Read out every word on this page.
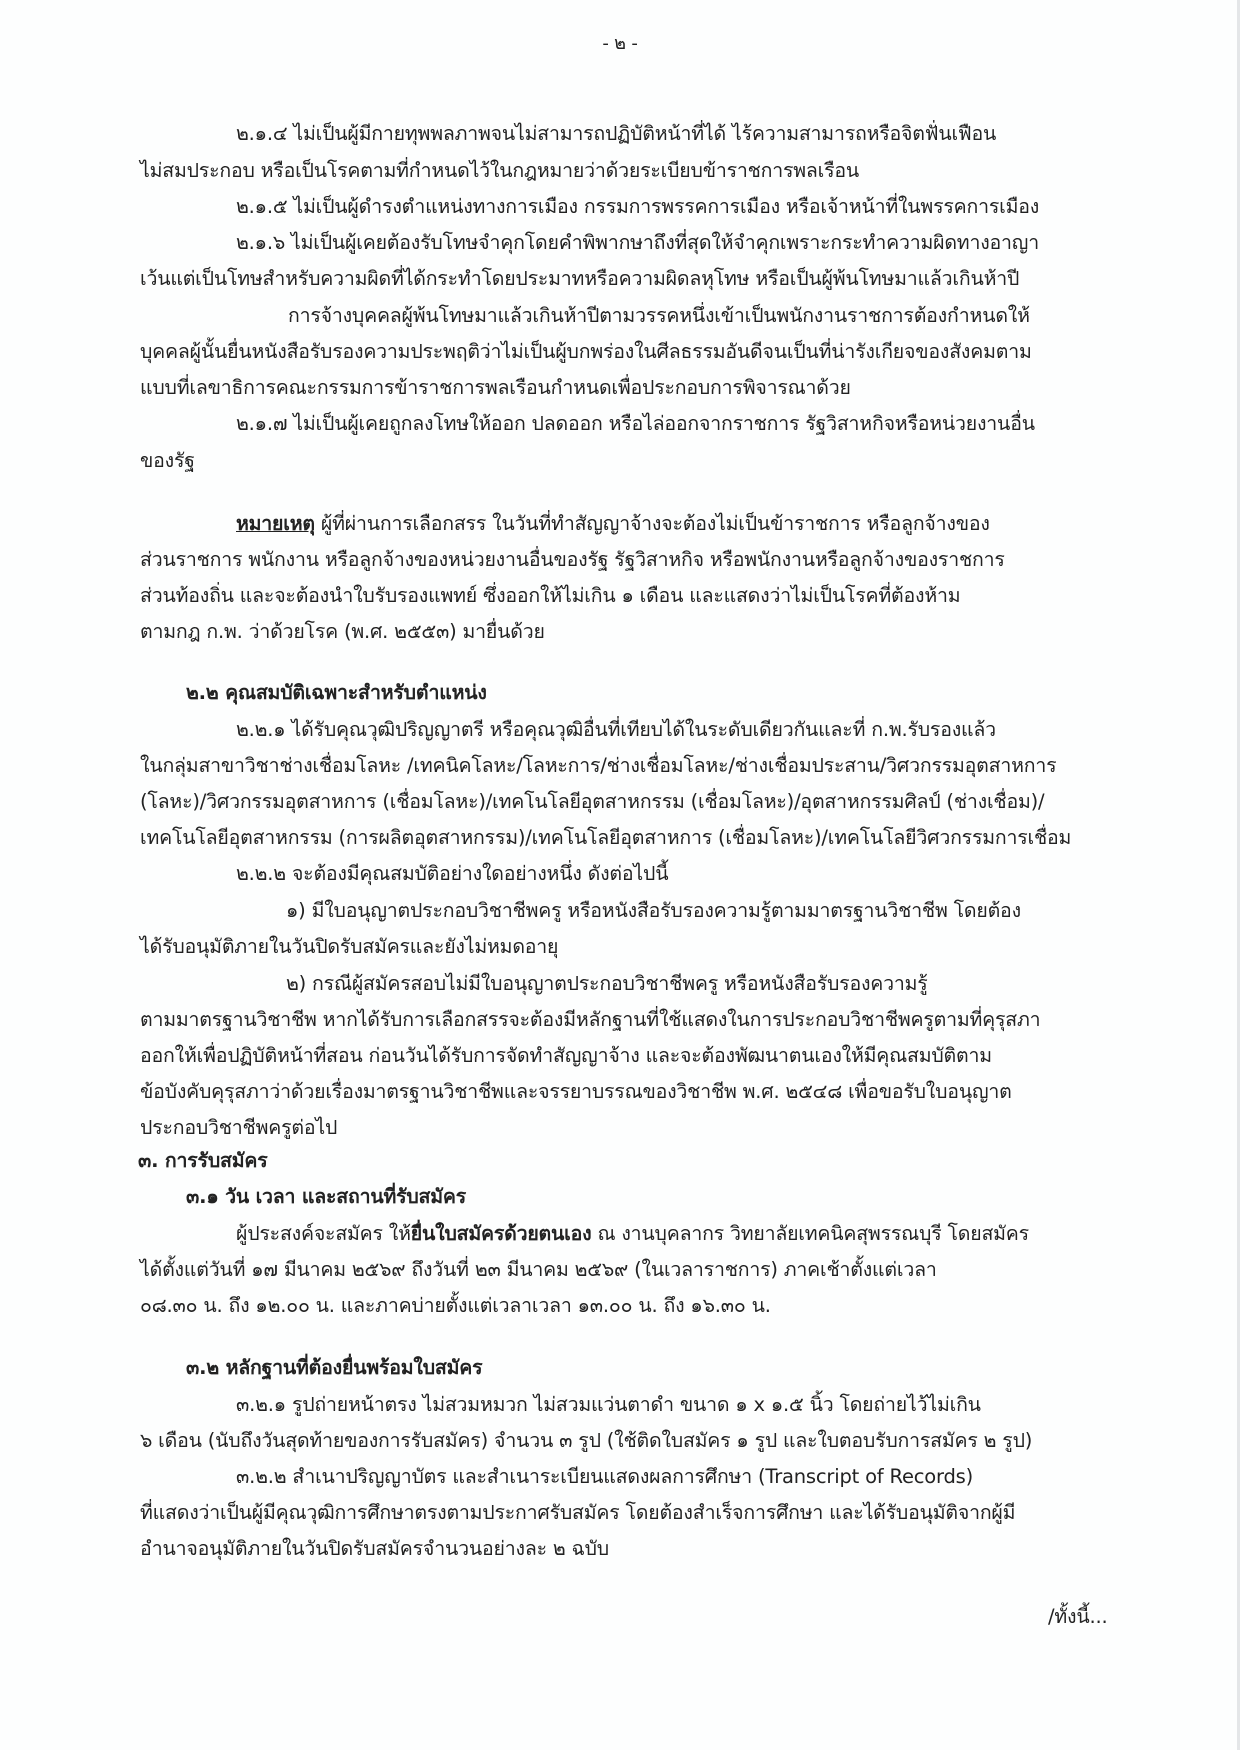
- ๒ -
๒.๑.๔ ไม่เป็นผู้มีกายทุพพลภาพจนไม่สามารถปฏิบัติหน้าที่ได้ ไร้ความสามารถหรือจิตฟั่นเฟือน
ไม่สมประกอบ หรือเป็นโรคตามที่กำหนดไว้ในกฎหมายว่าด้วยระเบียบข้าราชการพลเรือน
๒.๑.๕ ไม่เป็นผู้ดำรงตำแหน่งทางการเมือง กรรมการพรรคการเมือง หรือเจ้าหน้าที่ในพรรคการเมือง
๒.๑.๖ ไม่เป็นผู้เคยต้องรับโทษจำคุกโดยคำพิพากษาถึงที่สุดให้จำคุกเพราะกระทำความผิดทางอาญา
เว้นแต่เป็นโทษสำหรับความผิดที่ได้กระทำโดยประมาทหรือความผิดลหุโทษ หรือเป็นผู้พ้นโทษมาแล้วเกินห้าปี
การจ้างบุคคลผู้พ้นโทษมาแล้วเกินห้าปีตามวรรคหนึ่งเข้าเป็นพนักงานราชการต้องกำหนดให้
บุคคลผู้นั้นยื่นหนังสือรับรองความประพฤติว่าไม่เป็นผู้บกพร่องในศีลธรรมอันดีจนเป็นที่น่ารังเกียจของสังคมตาม
แบบที่เลขาธิการคณะกรรมการข้าราชการพลเรือนกำหนดเพื่อประกอบการพิจารณาด้วย
๒.๑.๗ ไม่เป็นผู้เคยถูกลงโทษให้ออก ปลดออก หรือไล่ออกจากราชการ รัฐวิสาหกิจหรือหน่วยงานอื่น
ของรัฐ
หมายเหตุ ผู้ที่ผ่านการเลือกสรร ในวันที่ทำสัญญาจ้างจะต้องไม่เป็นข้าราชการ หรือลูกจ้างของ
ส่วนราชการ พนักงาน หรือลูกจ้างของหน่วยงานอื่นของรัฐ รัฐวิสาหกิจ หรือพนักงานหรือลูกจ้างของราชการ
ส่วนท้องถิ่น และจะต้องนำใบรับรองแพทย์ ซึ่งออกให้ไม่เกิน ๑ เดือน และแสดงว่าไม่เป็นโรคที่ต้องห้าม
ตามกฎ ก.พ. ว่าด้วยโรค (พ.ศ. ๒๕๕๓) มายื่นด้วย
๒.๒ คุณสมบัติเฉพาะสำหรับตำแหน่ง
๒.๒.๑ ได้รับคุณวุฒิปริญญาตรี หรือคุณวุฒิอื่นที่เทียบได้ในระดับเดียวกันและที่ ก.พ.รับรองแล้ว
ในกลุ่มสาขาวิชาช่างเชื่อมโลหะ /เทคนิคโลหะ/โลหะการ/ช่างเชื่อมโลหะ/ช่างเชื่อมประสาน/วิศวกรรมอุตสาหการ
(โลหะ)/วิศวกรรมอุตสาหการ (เชื่อมโลหะ)/เทคโนโลยีอุตสาหกรรม (เชื่อมโลหะ)/อุตสาหกรรมศิลป์ (ช่างเชื่อม)/
เทคโนโลยีอุตสาหกรรม (การผลิตอุตสาหกรรม)/เทคโนโลยีอุตสาหการ (เชื่อมโลหะ)/เทคโนโลยีวิศวกรรมการเชื่อม
๒.๒.๒ จะต้องมีคุณสมบัติอย่างใดอย่างหนึ่ง ดังต่อไปนี้
๑) มีใบอนุญาตประกอบวิชาชีพครู หรือหนังสือรับรองความรู้ตามมาตรฐานวิชาชีพ โดยต้อง
ได้รับอนุมัติภายในวันปิดรับสมัครและยังไม่หมดอายุ
๒) กรณีผู้สมัครสอบไม่มีใบอนุญาตประกอบวิชาชีพครู หรือหนังสือรับรองความรู้
ตามมาตรฐานวิชาชีพ หากได้รับการเลือกสรรจะต้องมีหลักฐานที่ใช้แสดงในการประกอบวิชาชีพครูตามที่คุรุสภา
ออกให้เพื่อปฏิบัติหน้าที่สอน ก่อนวันได้รับการจัดทำสัญญาจ้าง และจะต้องพัฒนาตนเองให้มีคุณสมบัติตาม
ข้อบังคับคุรุสภาว่าด้วยเรื่องมาตรฐานวิชาชีพและจรรยาบรรณของวิชาชีพ พ.ศ. ๒๕๔๘ เพื่อขอรับใบอนุญาต
ประกอบวิชาชีพครูต่อไป
๓. การรับสมัคร
๓.๑ วัน เวลา และสถานที่รับสมัคร
ผู้ประสงค์จะสมัคร ให้ยื่นใบสมัครด้วยตนเอง ณ งานบุคลากร วิทยาลัยเทคนิคสุพรรณบุรี โดยสมัคร
ได้ตั้งแต่วันที่ ๑๗ มีนาคม ๒๕๖๙ ถึงวันที่ ๒๓ มีนาคม ๒๕๖๙ (ในเวลาราชการ) ภาคเช้าตั้งแต่เวลา
๐๘.๓๐ น. ถึง ๑๒.๐๐ น. และภาคบ่ายตั้งแต่เวลาเวลา ๑๓.๐๐ น. ถึง ๑๖.๓๐ น.
๓.๒ หลักฐานที่ต้องยื่นพร้อมใบสมัคร
๓.๒.๑ รูปถ่ายหน้าตรง ไม่สวมหมวก ไม่สวมแว่นตาดำ ขนาด ๑ x ๑.๕ นิ้ว โดยถ่ายไว้ไม่เกิน
๖ เดือน (นับถึงวันสุดท้ายของการรับสมัคร) จำนวน ๓ รูป (ใช้ติดใบสมัคร ๑ รูป และใบตอบรับการสมัคร ๒ รูป)
๓.๒.๒ สำเนาปริญญาบัตร และสำเนาระเบียนแสดงผลการศึกษา (Transcript of Records)
ที่แสดงว่าเป็นผู้มีคุณวุฒิการศึกษาตรงตามประกาศรับสมัคร โดยต้องสำเร็จการศึกษา และได้รับอนุมัติจากผู้มี
อำนาจอนุมัติภายในวันปิดรับสมัครจำนวนอย่างละ ๒ ฉบับ
/ทั้งนี้...
